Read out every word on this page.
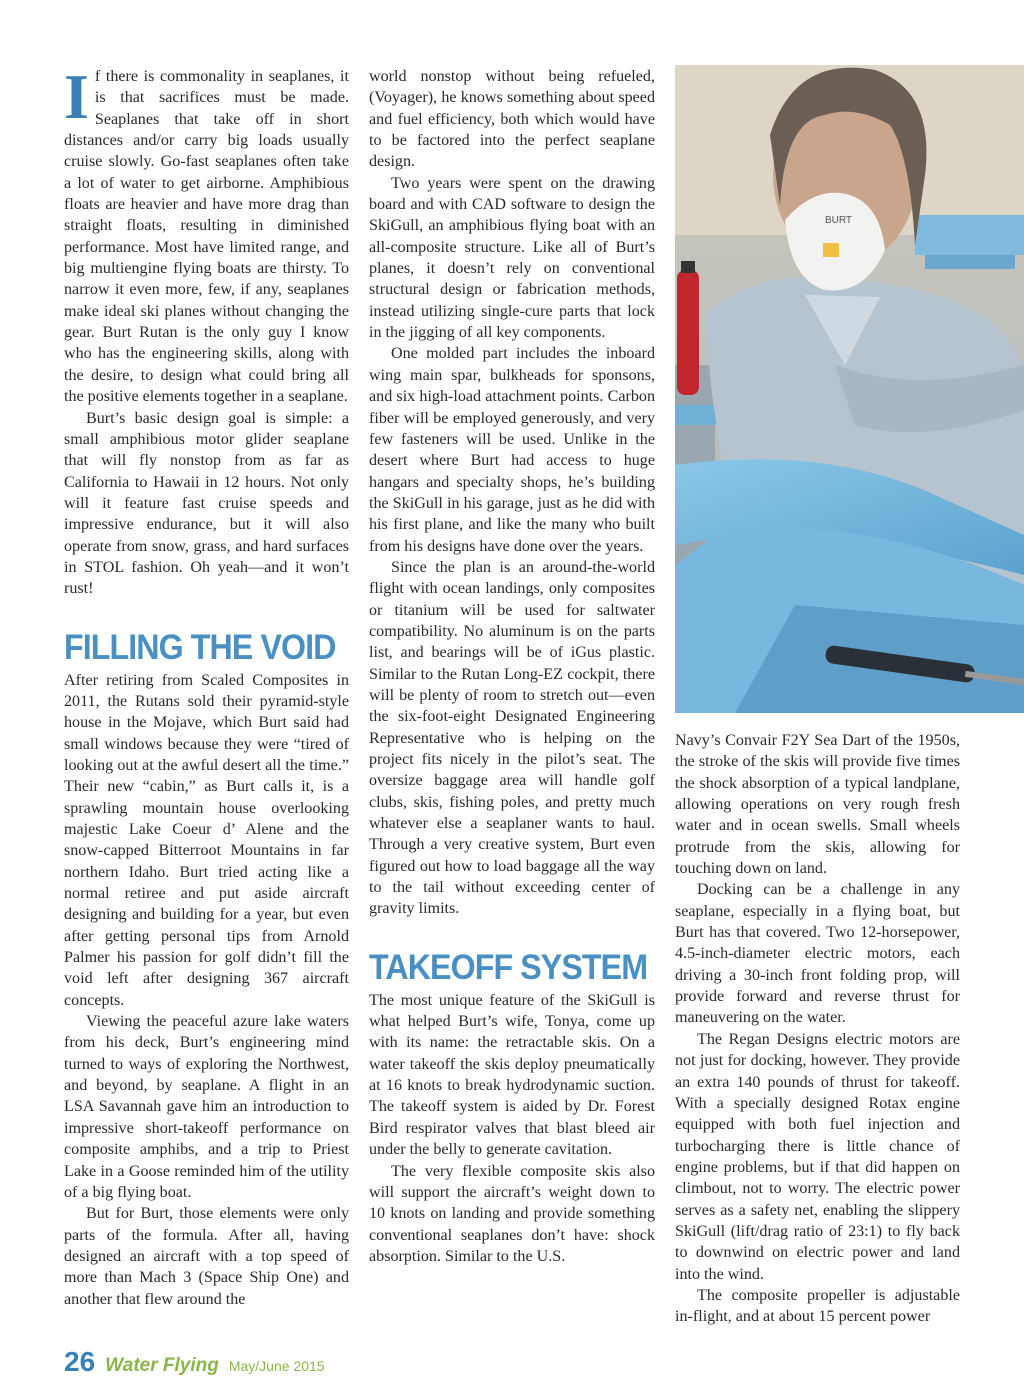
If there is commonality in seaplanes, it is that sacrifices must be made. Seaplanes that take off in short distances and/or carry big loads usually cruise slowly. Go-fast seaplanes often take a lot of water to get airborne. Amphibious floats are heavier and have more drag than straight floats, resulting in diminished performance. Most have limited range, and big multiengine flying boats are thirsty. To narrow it even more, few, if any, seaplanes make ideal ski planes without changing the gear. Burt Rutan is the only guy I know who has the engineering skills, along with the desire, to design what could bring all the positive elements together in a seaplane.

Burt’s basic design goal is simple: a small amphibious motor glider seaplane that will fly nonstop from as far as California to Hawaii in 12 hours. Not only will it feature fast cruise speeds and impressive endurance, but it will also operate from snow, grass, and hard surfaces in STOL fashion. Oh yeah—and it won’t rust!

FILLING THE VOID

After retiring from Scaled Composites in 2011, the Rutans sold their pyramid-style house in the Mojave, which Burt said had small windows because they were “tired of looking out at the awful desert all the time.” Their new “cabin,” as Burt calls it, is a sprawling mountain house overlooking majestic Lake Coeur d’ Alene and the snow-capped Bitterroot Mountains in far northern Idaho. Burt tried acting like a normal retiree and put aside aircraft designing and building for a year, but even after getting personal tips from Arnold Palmer his passion for golf didn’t fill the void left after designing 367 aircraft concepts.

Viewing the peaceful azure lake waters from his deck, Burt’s engineering mind turned to ways of exploring the Northwest, and beyond, by seaplane. A flight in an LSA Savannah gave him an introduction to impressive short-takeoff performance on composite amphibs, and a trip to Priest Lake in a Goose reminded him of the utility of a big flying boat.

But for Burt, those elements were only parts of the formula. After all, having designed an aircraft with a top speed of more than Mach 3 (Space Ship One) and another that flew around the

world nonstop without being refueled, (Voyager), he knows something about speed and fuel efficiency, both which would have to be factored into the perfect seaplane design.

Two years were spent on the drawing board and with CAD software to design the SkiGull, an amphibious flying boat with an all-composite structure. Like all of Burt’s planes, it doesn’t rely on conventional structural design or fabrication methods, instead utilizing single-cure parts that lock in the jigging of all key components.

One molded part includes the inboard wing main spar, bulkheads for sponsons, and six high-load attachment points. Carbon fiber will be employed generously, and very few fasteners will be used. Unlike in the desert where Burt had access to huge hangars and specialty shops, he’s building the SkiGull in his garage, just as he did with his first plane, and like the many who built from his designs have done over the years.

Since the plan is an around-the-world flight with ocean landings, only composites or titanium will be used for saltwater compatibility. No aluminum is on the parts list, and bearings will be of iGus plastic. Similar to the Rutan Long-EZ cockpit, there will be plenty of room to stretch out—even the six-foot-eight Designated Engineering Representative who is helping on the project fits nicely in the pilot’s seat. The oversize baggage area will handle golf clubs, skis, fishing poles, and pretty much whatever else a seaplaner wants to haul. Through a very creative system, Burt even figured out how to load baggage all the way to the tail without exceeding center of gravity limits.

TAKEOFF SYSTEM

The most unique feature of the SkiGull is what helped Burt’s wife, Tonya, come up with its name: the retractable skis. On a water takeoff the skis deploy pneumatically at 16 knots to break hydrodynamic suction. The takeoff system is aided by Dr. Forest Bird respirator valves that blast bleed air under the belly to generate cavitation.

The very flexible composite skis also will support the aircraft’s weight down to 10 knots on landing and provide something conventional seaplanes don’t have: shock absorption. Similar to the U.S.

BURT

Navy’s Convair F2Y Sea Dart of the 1950s, the stroke of the skis will provide five times the shock absorption of a typical landplane, allowing operations on very rough fresh water and in ocean swells. Small wheels protrude from the skis, allowing for touching down on land.

Docking can be a challenge in any seaplane, especially in a flying boat, but Burt has that covered. Two 12-horsepower, 4.5-inch-diameter electric motors, each driving a 30-inch front folding prop, will provide forward and reverse thrust for maneuvering on the water.

The Regan Designs electric motors are not just for docking, however. They provide an extra 140 pounds of thrust for takeoff. With a specially designed Rotax engine equipped with both fuel injection and turbocharging there is little chance of engine problems, but if that did happen on climbout, not to worry. The electric power serves as a safety net, enabling the slippery SkiGull (lift/drag ratio of 23:1) to fly back to downwind on electric power and land into the wind.

The composite propeller is adjustable in-flight, and at about 15 percent power

26 Water Flying May/June 2015
